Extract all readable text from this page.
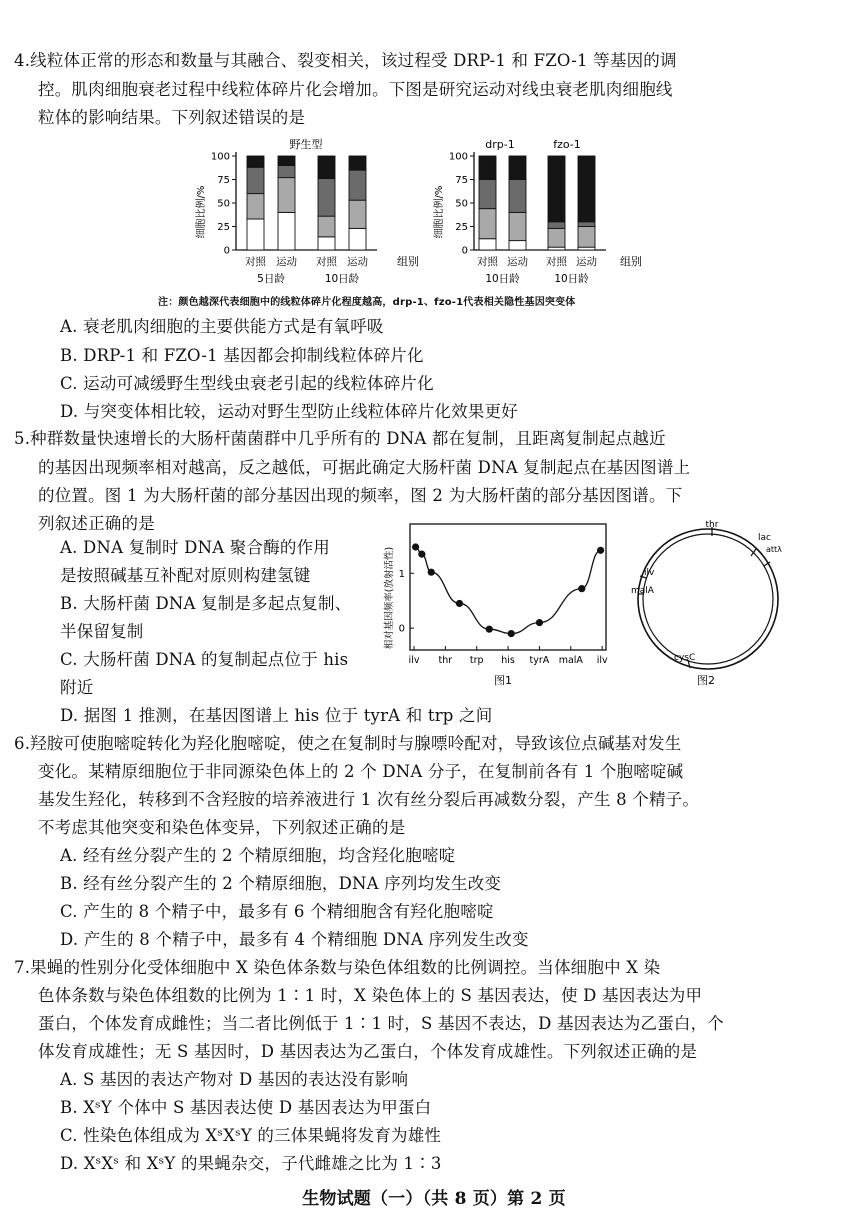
4.线粒体正常的形态和数量与其融合、裂变相关，该过程受 DRP-1 和 FZO-1 等基因的调
控。肌肉细胞衰老过程中线粒体碎片化会增加。下图是研究运动对线虫衰老肌肉细胞线
粒体的影响结果。下列叙述错误的是
野生型
细胞比例/%
0
25
50
75
100
对照 运动 对照 运动
5日龄	10日龄
组别
细胞比例/%
0
25
50
75
100
对照 运动 对照 运动
10日龄	10日龄
drp-1	fzo-1
组别
注：颜色越深代表细胞中的线粒体碎片化程度越高，drp-1、fzo-1代表相关隐性基因突变体
A. 衰老肌肉细胞的主要供能方式是有氧呼吸
B. DRP-1 和 FZO-1 基因都会抑制线粒体碎片化
C. 运动可减缓野生型线虫衰老引起的线粒体碎片化
D. 与突变体相比较，运动对野生型防止线粒体碎片化效果更好
5.种群数量快速增长的大肠杆菌菌群中几乎所有的 DNA 都在复制，且距离复制起点越近
的基因出现频率相对越高，反之越低，可据此确定大肠杆菌 DNA 复制起点在基因图谱上
的位置。图 1 为大肠杆菌的部分基因出现的频率，图 2 为大肠杆菌的部分基因图谱。下
列叙述正确的是
A. DNA 复制时 DNA 聚合酶的作用
是按照碱基互补配对原则构建氢键
B. 大肠杆菌 DNA 复制是多起点复制、
半保留复制
C. 大肠杆菌 DNA 的复制起点位于 his
附近
相对基因频率(放射活性)
ilv thr trp his tyrA malA ilv
0
1
图1
thr
lac
attλ
ilv
malA
cysC
图2
D. 据图 1 推测，在基因图谱上 his 位于 tyrA 和 trp 之间
6.羟胺可使胞嘧啶转化为羟化胞嘧啶，使之在复制时与腺嘌呤配对，导致该位点碱基对发生
变化。某精原细胞位于非同源染色体上的 2 个 DNA 分子，在复制前各有 1 个胞嘧啶碱
基发生羟化，转移到不含羟胺的培养液进行 1 次有丝分裂后再减数分裂，产生 8 个精子。
不考虑其他突变和染色体变异，下列叙述正确的是
A. 经有丝分裂产生的 2 个精原细胞，均含羟化胞嘧啶
B. 经有丝分裂产生的 2 个精原细胞，DNA 序列均发生改变
C. 产生的 8 个精子中，最多有 6 个精细胞含有羟化胞嘧啶
D. 产生的 8 个精子中，最多有 4 个精细胞 DNA 序列发生改变
7.果蝇的性别分化受体细胞中 X 染色体条数与染色体组数的比例调控。当体细胞中 X 染
色体条数与染色体组数的比例为 1∶1 时，X 染色体上的 S 基因表达，使 D 基因表达为甲
蛋白，个体发育成雌性；当二者比例低于 1∶1 时，S 基因不表达，D 基因表达为乙蛋白，个
体发育成雄性；无 S 基因时，D 基因表达为乙蛋白，个体发育成雄性。下列叙述正确的是
A. S 基因的表达产物对 D 基因的表达没有影响
B. XˢY 个体中 S 基因表达使 D 基因表达为甲蛋白
C. 性染色体组成为 XˢXˢY 的三体果蝇将发育为雄性
D. XˢXˢ 和 XˢY 的果蝇杂交，子代雌雄之比为 1∶3
生物试题（一）（共 8 页）第 2 页
